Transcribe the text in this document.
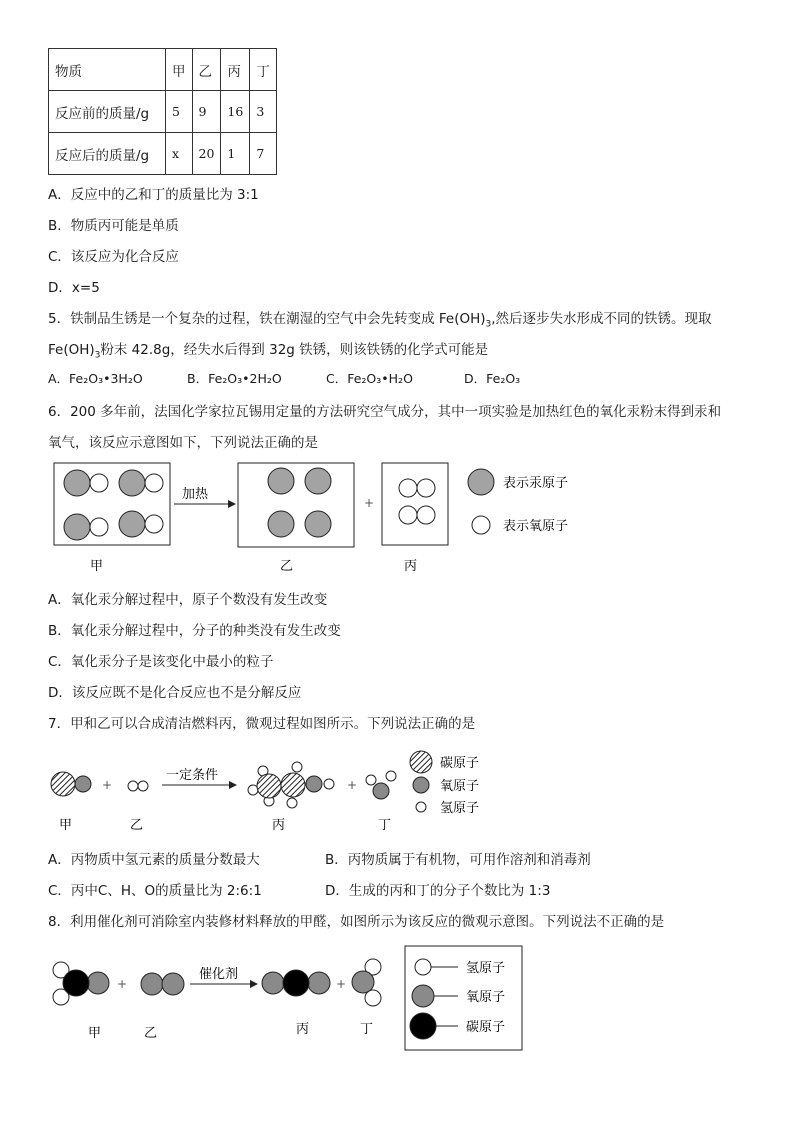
物质	甲	乙	丙	丁
反应前的质量/g	5	9	16	3
反应后的质量/g	x	20	1	7
A．反应中的乙和丁的质量比为 3:1
B．物质丙可能是单质
C．该反应为化合反应
D．x=5
5．铁制品生锈是一个复杂的过程，铁在潮湿的空气中会先转变成 $Fe(OH)_3$,然后逐步失水形成不同的铁锈。现取
$Fe(OH)_3$粉末 42.8g，经失水后得到 32g 铁锈，则该铁锈的化学式可能是
A．Fe₂O₃•3H₂O	B．Fe₂O₃•2H₂O	C．Fe₂O₃•H₂O	D．Fe₂O₃
6．200 多年前，法国化学家拉瓦锡用定量的方法研究空气成分，其中一项实验是加热红色的氧化汞粉末得到汞和
氧气，该反应示意图如下，下列说法正确的是
加热
+
表示汞原子
表示氧原子
甲	乙	丙
A．氧化汞分解过程中，原子个数没有发生改变
B．氧化汞分解过程中，分子的种类没有发生改变
C．氧化汞分子是该变化中最小的粒子
D．该反应既不是化合反应也不是分解反应
7．甲和乙可以合成清洁燃料丙，微观过程如图所示。下列说法正确的是
+
一定条件
+
碳原子
氧原子
氢原子
甲	乙	丙	丁
A．丙物质中氢元素的质量分数最大	B．丙物质属于有机物，可用作溶剂和消毒剂
C．丙中C、H、O的质量比为 2:6:1	D．生成的丙和丁的分子个数比为 1:3
8．利用催化剂可消除室内装修材料释放的甲醛，如图所示为该反应的微观示意图。下列说法不正确的是
+
催化剂
+
氢原子
氧原子
碳原子
甲	乙	丙	丁
